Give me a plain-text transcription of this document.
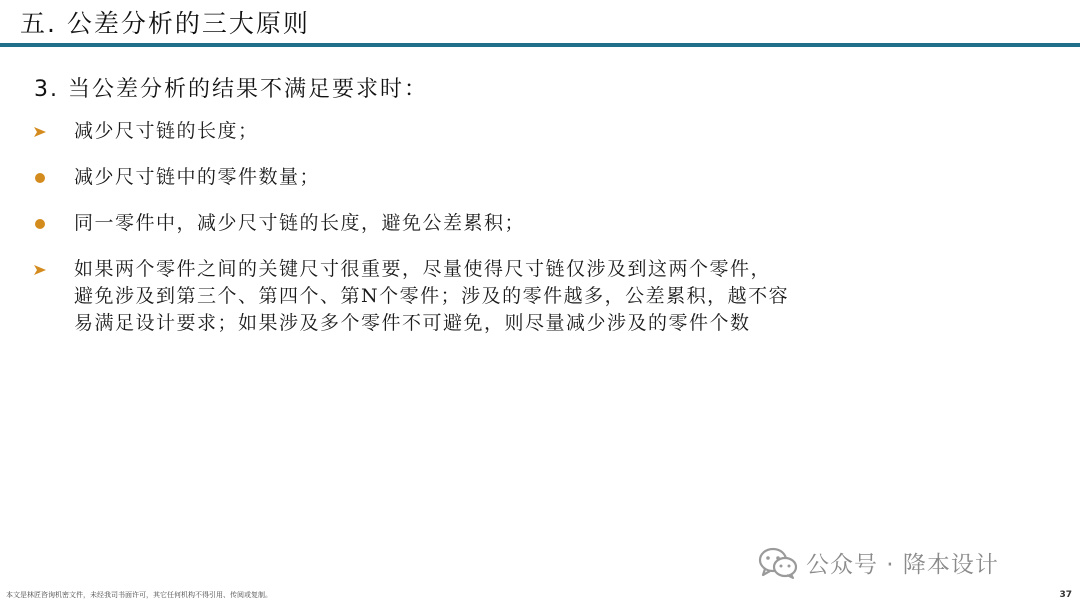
五. 公差分析的三大原则
3. 当公差分析的结果不满足要求时：
减少尺寸链的长度；
减少尺寸链中的零件数量；
同一零件中，减少尺寸链的长度，避免公差累积；
如果两个零件之间的关键尺寸很重要，尽量使得尺寸链仅涉及到这两个零件，避免涉及到第三个、第四个、第N个零件；涉及的零件越多，公差累积，越不容易满足设计要求；如果涉及多个零件不可避免，则尽量减少涉及的零件个数
公众号 · 降本设计
本文是林匠咨询机密文件，未经我司书面许可，其它任何机构不得引用、传阅或复制。	37
